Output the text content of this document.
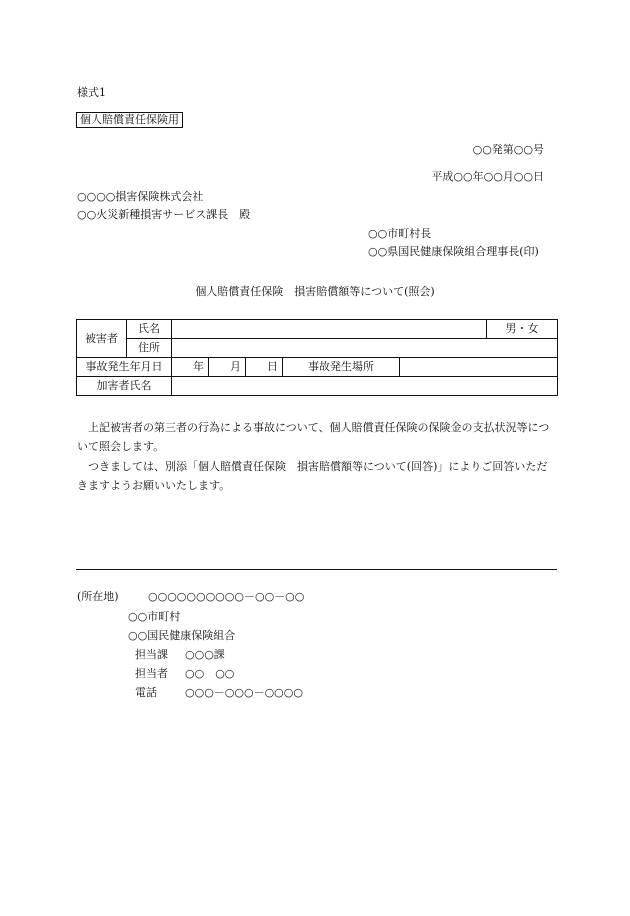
様式1
個人賠償責任保険用
○○発第○○号
平成○○年○○月○○日
○○○○損害保険株式会社
○○火災新種損害サービス課長　殿
○○市町村長
○○県国民健康保険組合理事長(印)
個人賠償責任保険　損害賠償額等について(照会)
被害者	氏名						男・女
	住所						
事故発生年月日		年	月	日	事故発生場所		
加害者氏名							
上記被害者の第三者の行為による事故について、個人賠償責任保険の保険金の支払状況等について照会します。
つきましては、別添「個人賠償責任保険　損害賠償額等について(回答)」によりご回答いただきますようお願いいたします。
(所在地)	○○○○○○○○○○－○○－○○
○○市町村
○○国民健康保険組合
担当課 ○○○課
担当者 ○○　○○
電話	○○○－○○○－○○○○
